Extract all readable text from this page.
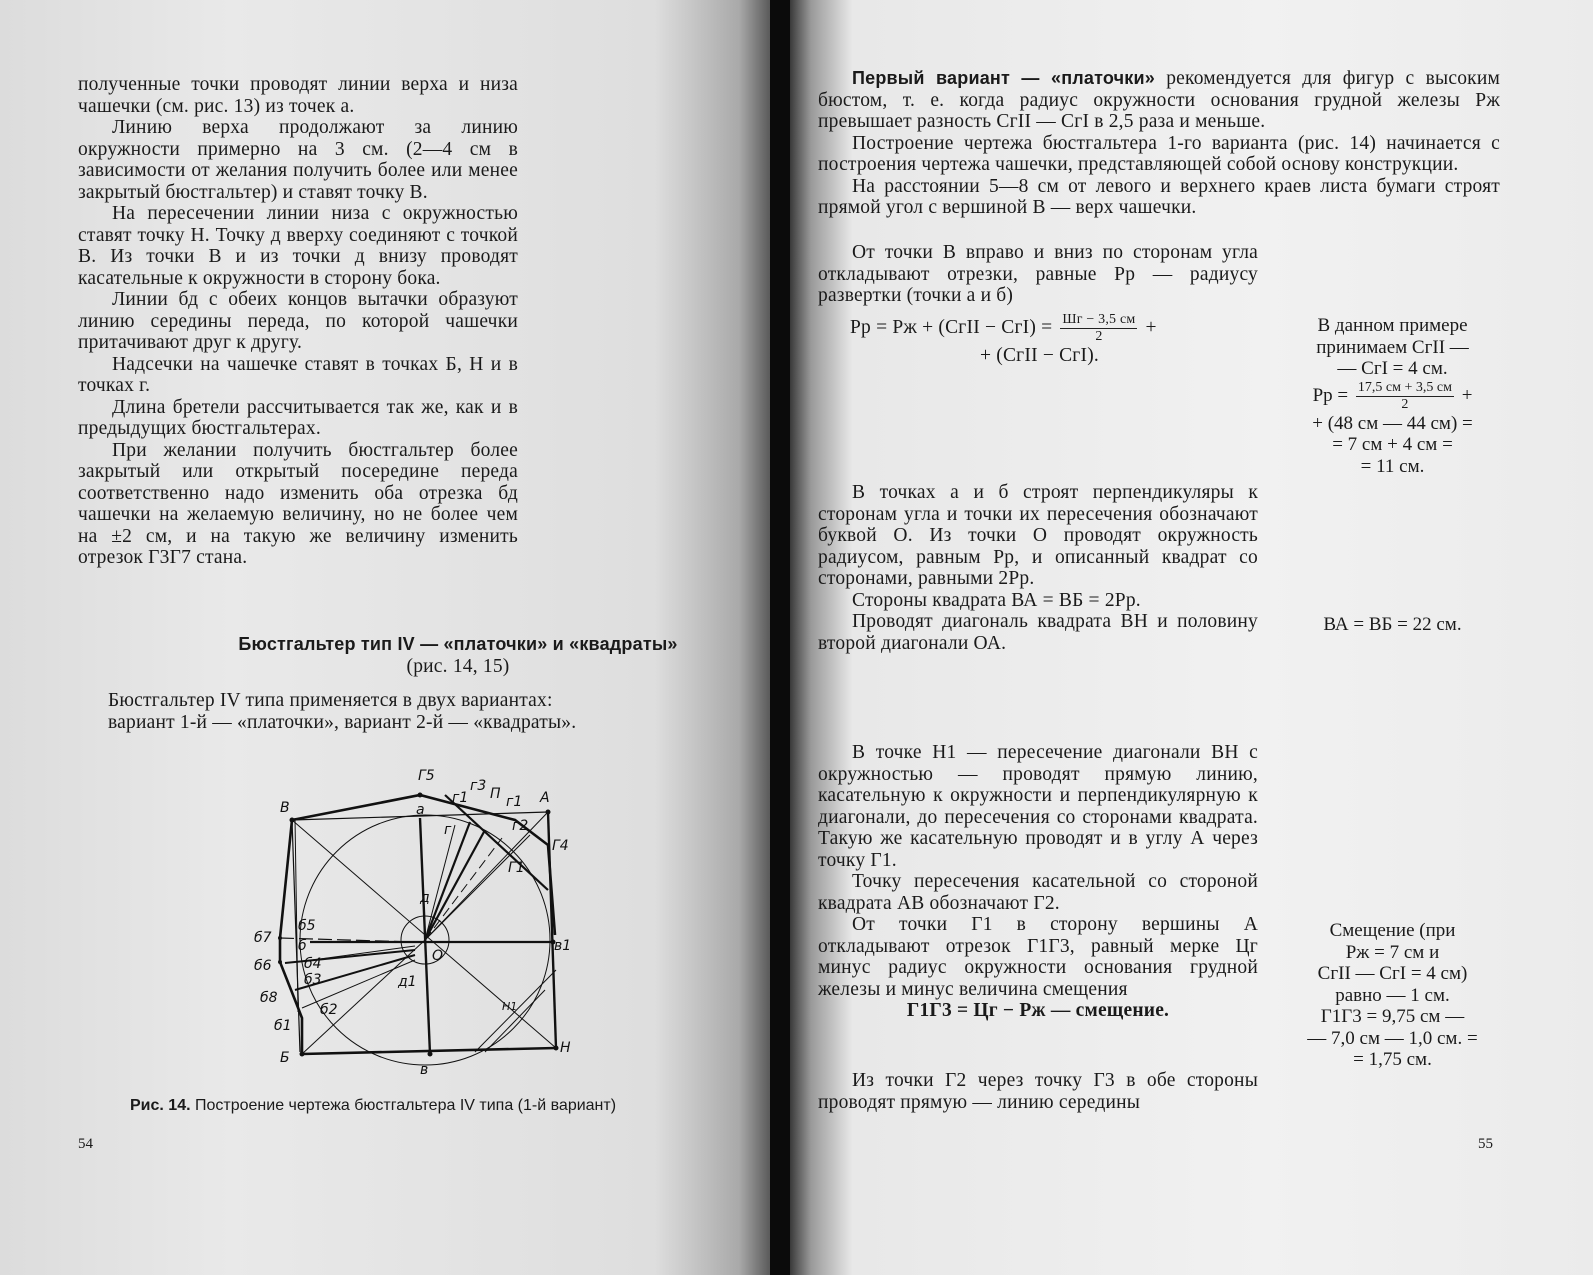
полученные точки проводят линии верха и низа чашечки (см. рис. 13) из точек а.

Линию верха продолжают за линию окружности примерно на 3 см. (2—4 см в зависимости от желания получить более или менее закрытый бюстгальтер) и ставят точку В.

На пересечении линии низа с окружностью ставят точку Н. Точку д вверху соединяют с точкой В. Из точки В и из точки д внизу проводят касательные к окружности в сторону бока.

Линии бд с обеих концов вытачки образуют линию середины переда, по которой чашечки притачивают друг к другу.

Надсечки на чашечке ставят в точках Б, Н и в точках г.

Длина бретели рассчитывается так же, как и в предыдущих бюстгальтерах.

При желании получить бюстгальтер более закрытый или открытый посередине переда соответственно надо изменить оба отрезка бд чашечки на желаемую величину, но не более чем на ±2 см, и на такую же величину изменить отрезок Г3Г7 стана.

Бюстгальтер тип IV — «платочки» и «квадраты»

(рис. 14, 15)

Бюстгальтер IV типа применяется в двух вариантах:

вариант 1-й — «платочки», вариант 2-й — «квадраты».

В
Г5
а
г1
г3 П г1 А
г	г2
Г4
Г1
д
О
д1
в1
б7
б5
б
б6 б4
б3
б8
б2
б1
Б
в
Н
Н1
Рис. 14. Построение чертежа бюстгальтера IV типа (1-й вариант)
54

Первый вариант — «платочки» рекомендуется для фигур с высоким бюстом, т. е. когда радиус окружности основания грудной железы Рж превышает разность СгII — СгI в 2,5 раза и меньше.

Построение чертежа бюстгальтера 1-го варианта (рис. 14) начинается с построения чертежа чашечки, представляющей собой основу конструкции.

На расстоянии 5—8 см от левого и верхнего краев листа бумаги строят прямой угол с вершиной В — верх чашечки.

От точки В вправо и вниз по сторонам угла откладывают отрезки, равные Рр — радиусу развертки (точки а и б)

Рр = Рж + (СгII − $СгI) = \frac{Шг - 3,5 см}{2}$ +
+ (СгII − СгI).
В данном примере
принимаем СгII —
— СгI = 4 см.
Рр = $\frac{17,5 см + 3,5 см}{2}$ +
+ (48 см — 44 см) =
= 7 см + 4 см =
= 11 см.

В точках а и б строят перпендикуляры к сторонам угла и точки их пересечения обозначают буквой О. Из точки О проводят окружность радиусом, равным Рр, и описанный квадрат со сторонами, равными 2Рр.

Стороны квадрата ВА = ВБ = 2Рр.

Проводят диагональ квадрата ВН и половину второй диагонали ОА.

ВА = ВБ = 22 см.

В точке Н1 — пересечение диагонали ВН с окружностью — проводят прямую линию, касательную к окружности и перпендикулярную к диагонали, до пересечения со сторонами квадрата. Такую же касательную проводят и в углу А через точку Г1.

Точку пересечения касательной со стороной квадрата АВ обозначают Г2.

От точки Г1 в сторону вершины А откладывают отрезок Г1Г3, равный мерке Цг минус радиус окружности основания грудной железы и минус величина смещения

Г1Г3 = Цг − Рж — смещение.

Смещение (при
Рж = 7 см и
СгII — СгI = 4 см)
равно — 1 см.
Г1Г3 = 9,75 см —
— 7,0 см — 1,0 см. =
= 1,75 см.

Из точки Г2 через точку Г3 в обе стороны проводят прямую — линию середины

55
